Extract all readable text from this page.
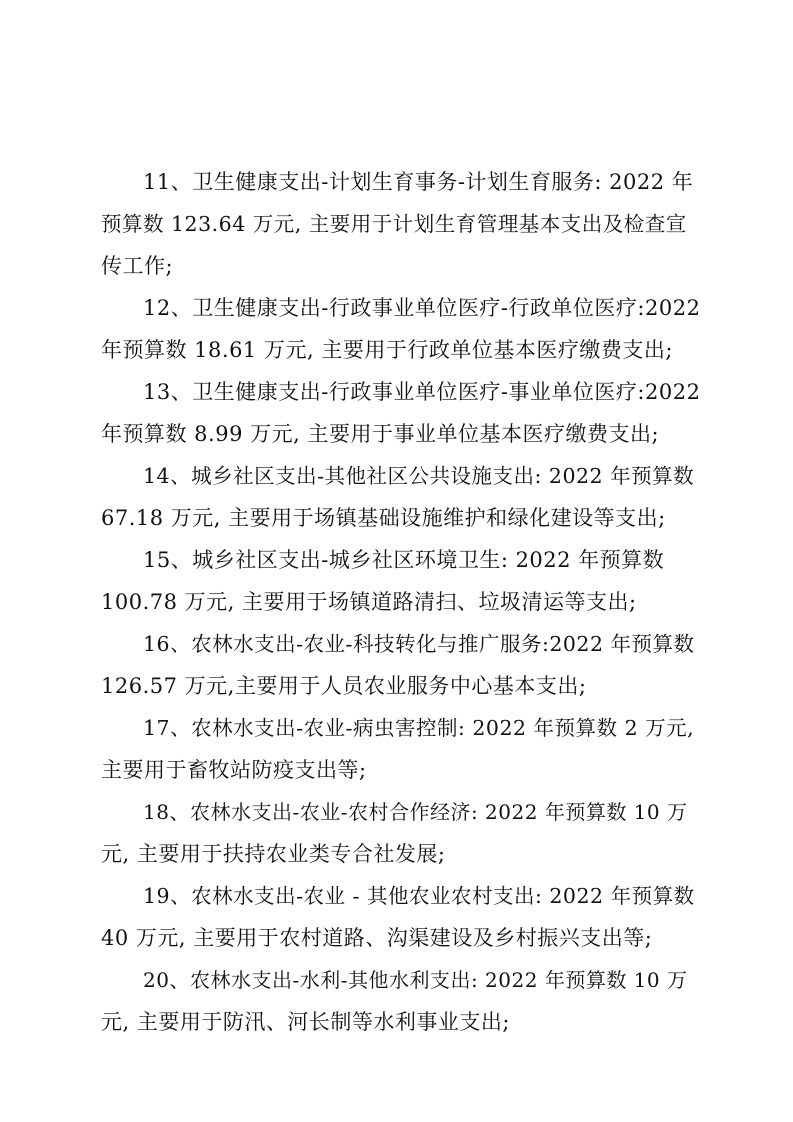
11、卫生健康支出-计划生育事务-计划生育服务: 2022 年
预算数 123.64 万元, 主要用于计划生育管理基本支出及检查宣
传工作;
12、卫生健康支出-行政事业单位医疗-行政单位医疗:2022
年预算数 18.61 万元, 主要用于行政单位基本医疗缴费支出;
13、卫生健康支出-行政事业单位医疗-事业单位医疗:2022
年预算数 8.99 万元, 主要用于事业单位基本医疗缴费支出;
14、城乡社区支出-其他社区公共设施支出: 2022 年预算数
67.18 万元, 主要用于场镇基础设施维护和绿化建设等支出;
15、城乡社区支出-城乡社区环境卫生: 2022 年预算数
100.78 万元, 主要用于场镇道路清扫、垃圾清运等支出;
16、农林水支出-农业-科技转化与推广服务:2022 年预算数
126.57 万元,主要用于人员农业服务中心基本支出;
17、农林水支出-农业-病虫害控制: 2022 年预算数 2 万元,
主要用于畜牧站防疫支出等;
18、农林水支出-农业-农村合作经济: 2022 年预算数 10 万
元, 主要用于扶持农业类专合社发展;
19、农林水支出-农业 - 其他农业农村支出: 2022 年预算数
40 万元, 主要用于农村道路、沟渠建设及乡村振兴支出等;
20、农林水支出-水利-其他水利支出: 2022 年预算数 10 万
元, 主要用于防汛、河长制等水利事业支出;
